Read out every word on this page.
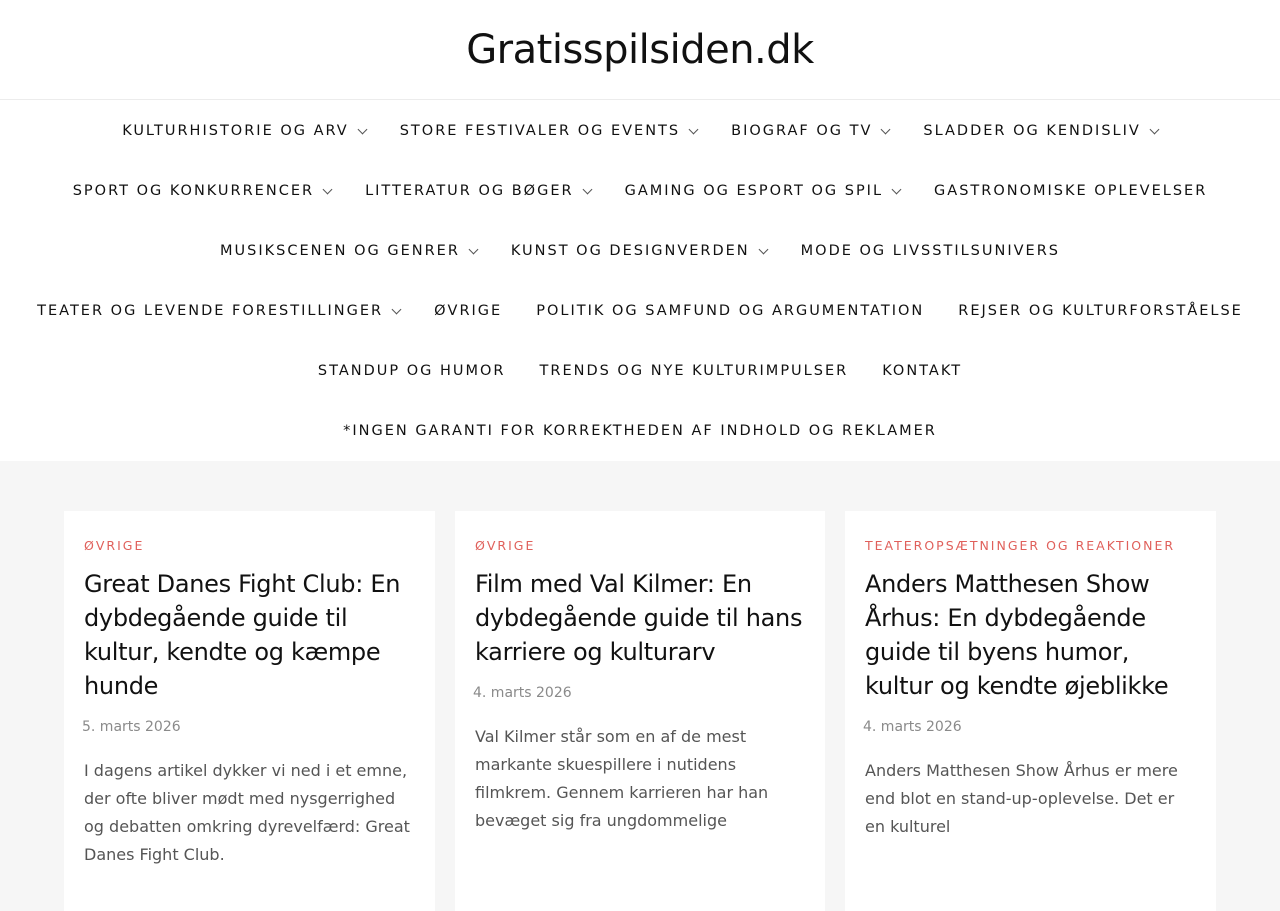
Gratisspilsiden.dk
KULTURHISTORIE OG ARV	STORE FESTIVALER OG EVENTS	BIOGRAF OG TV	SLADDER OG KENDISLIV
SPORT OG KONKURRENCER	LITTERATUR OG BØGER	GAMING OG ESPORT OG SPIL	GASTRONOMISKE OPLEVELSER
MUSIKSCENEN OG GENRER	KUNST OG DESIGNVERDEN	MODE OG LIVSSTILSUNIVERS
TEATER OG LEVENDE FORESTILLINGER	ØVRIGE POLITIK OG SAMFUND OG ARGUMENTATION REJSER OG KULTURFORSTÅELSE
STANDUP OG HUMOR TRENDS OG NYE KULTURIMPULSER KONTAKT
*INGEN GARANTI FOR KORREKTHEDEN AF INDHOLD OG REKLAMER
ØVRIGE
Great Danes Fight Club: En dybdegående guide til kultur, kendte og kæmpe hunde
5. marts 2026

I dagens artikel dykker vi ned i et emne, der ofte bliver mødt med nysgerrighed og debatten omkring dyrevelfærd: Great Danes Fight Club.

ØVRIGE
Film med Val Kilmer: En dybdegående guide til hans karriere og kulturarv
4. marts 2026

Val Kilmer står som en af de mest markante skuespillere i nutidens filmkrem. Gennem karrieren har han bevæget sig fra ungdommelige

TEATEROPSÆTNINGER OG REAKTIONER
Anders Matthesen Show Århus: En dybdegående guide til byens humor, kultur og kendte øjeblikke
4. marts 2026

Anders Matthesen Show Århus er mere end blot en stand-up-oplevelse. Det er en kulturel
